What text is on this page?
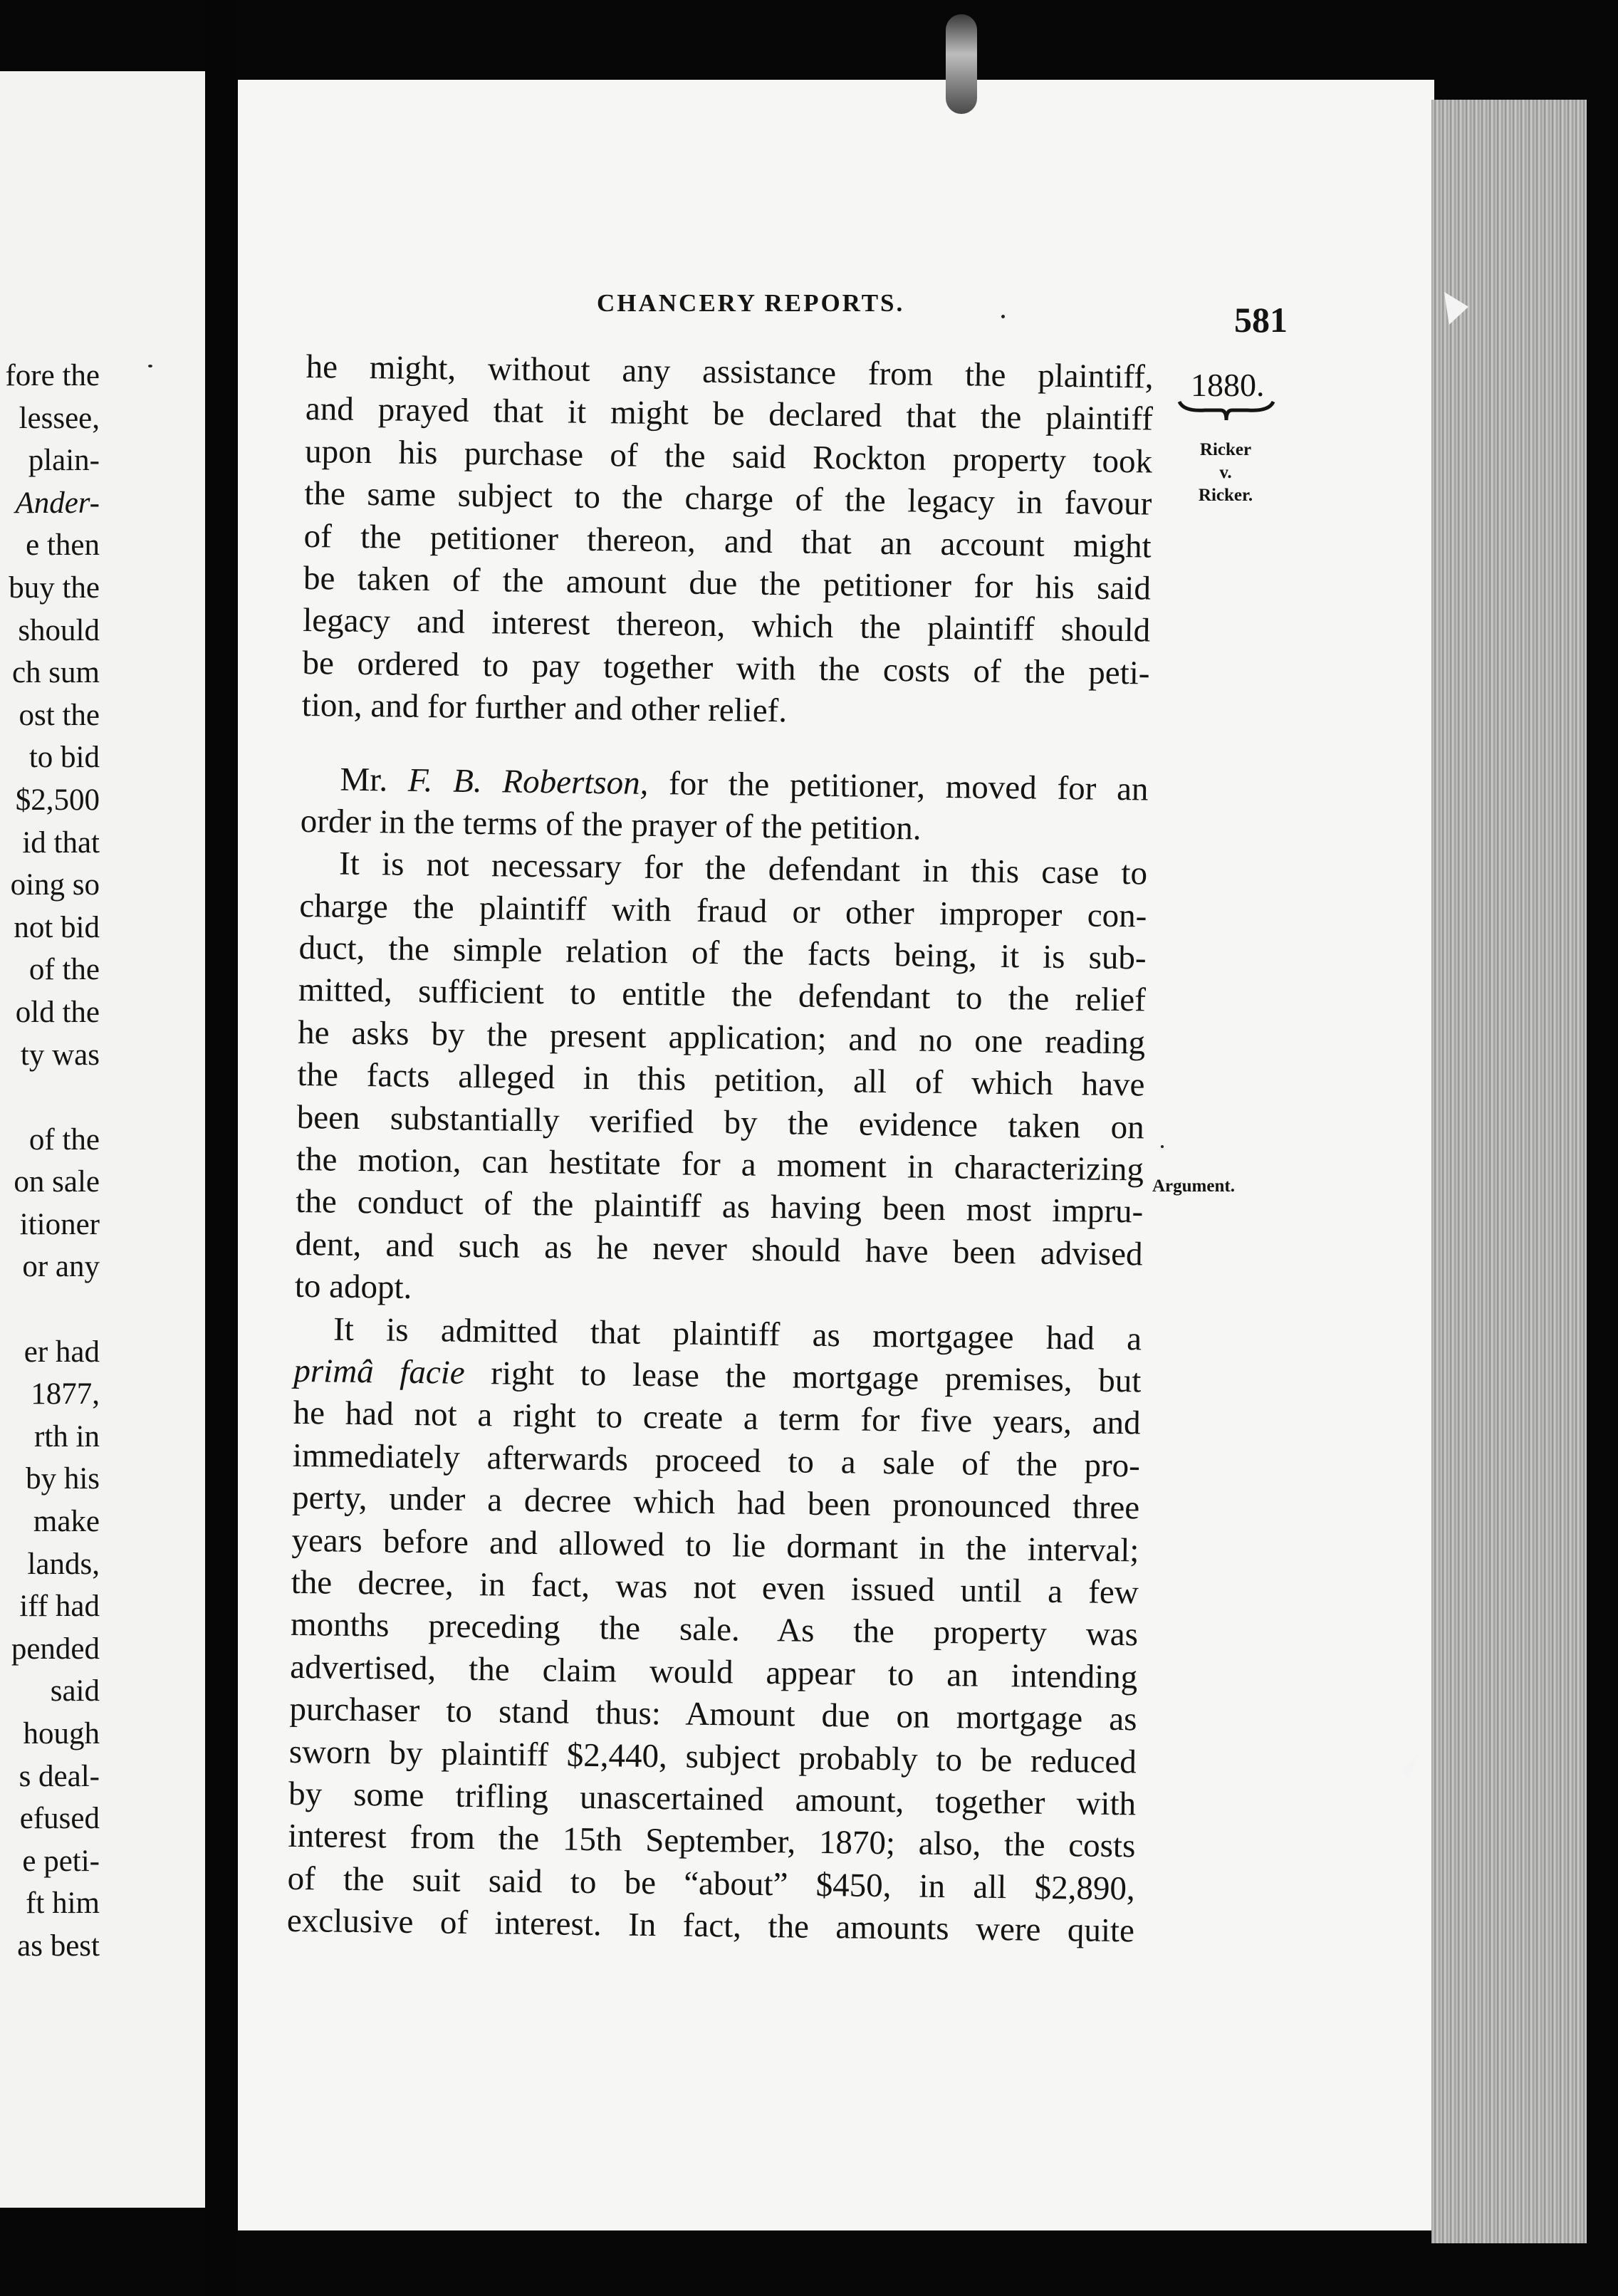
fore the
lessee,
plain-
Ander-
e then
buy the
should
ch sum
ost the
to bid
$2,500
id that
oing so
not bid
of the
old the
ty was

of the
on sale
itioner
or any

er had
1877,
rth in
by his
make
lands,
iff had
pended
said
hough
s deal-
efused
e peti-
ft him
as best
CHANCERY REPORTS.	581
1880.
Ricker
v.
Ricker.
Argument.
he might, without any assistance from the plaintiff,
and prayed that it might be declared that the plaintiff
upon his purchase of the said Rockton property took
the same subject to the charge of the legacy in favour
of the petitioner thereon, and that an account might
be taken of the amount due the petitioner for his said
legacy and interest thereon, which the plaintiff should
be ordered to pay together with the costs of the peti-
tion, and for further and other relief.
Mr. F. B. Robertson, for the petitioner, moved for an
order in the terms of the prayer of the petition.
It is not necessary for the defendant in this case to
charge the plaintiff with fraud or other improper con-
duct, the simple relation of the facts being, it is sub-
mitted, sufficient to entitle the defendant to the relief
he asks by the present application; and no one reading
the facts alleged in this petition, all of which have
been substantially verified by the evidence taken on
the motion, can hestitate for a moment in characterizing
the conduct of the plaintiff as having been most impru-
dent, and such as he never should have been advised
to adopt.
It is admitted that plaintiff as mortgagee had a
primâ facie right to lease the mortgage premises, but
he had not a right to create a term for five years, and
immediately afterwards proceed to a sale of the pro-
perty, under a decree which had been pronounced three
years before and allowed to lie dormant in the interval;
the decree, in fact, was not even issued until a few
months preceding the sale. As the property was
advertised, the claim would appear to an intending
purchaser to stand thus: Amount due on mortgage as
sworn by plaintiff $2,440, subject probably to be reduced
by some trifling unascertained amount, together with
interest from the 15th September, 1870; also, the costs
of the suit said to be “about” $450, in all $2,890,
exclusive of interest. In fact, the amounts were quite
